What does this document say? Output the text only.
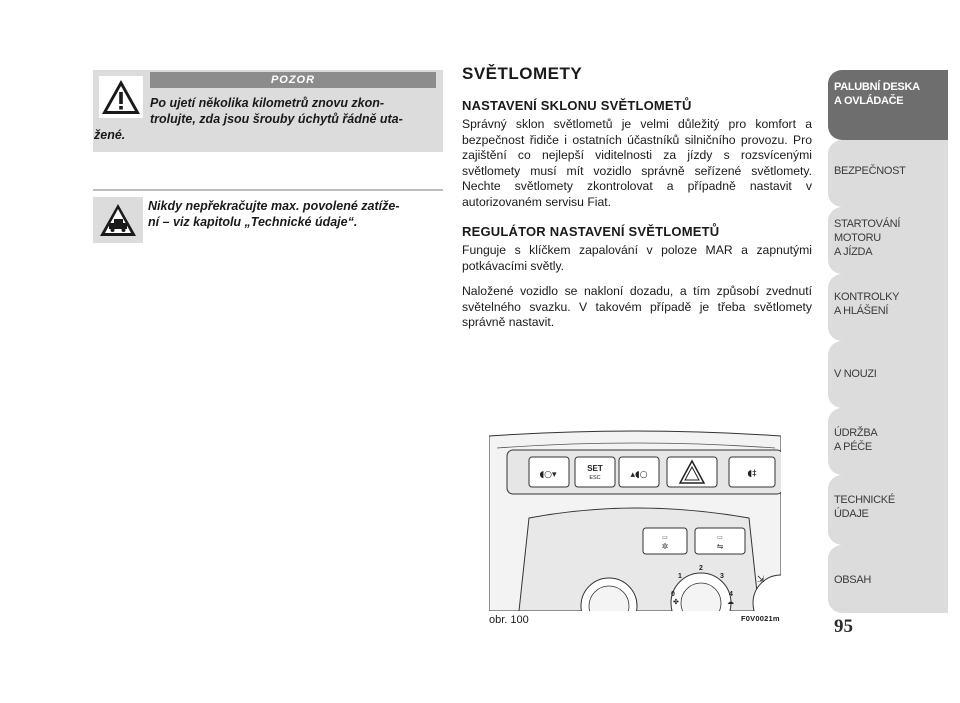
POZOR
Po ujetí několika kilometrů znovu zkon-
trolujte, zda jsou šrouby úchytů řádně uta-
žené.
Nikdy nepřekračujte max. povolené zatíže-
ní – viz kapitolu „Technické údaje“.
SVĚTLOMETY
NASTAVENÍ SKLONU SVĚTLOMETŮ
Správný sklon světlometů je velmi důležitý pro komfort a bezpečnost řidiče i ostatních účastníků silničního provozu. Pro zajištění co nejlepší viditelnosti za jízdy s rozsvícenými světlomety musí mít vozidlo správně seřízené světlomety. Nechte světlomety zkontrolovat a případně nastavit v autorizovaném servisu Fiat.
REGULÁTOR NASTAVENÍ SVĚTLOMETŮ
Funguje s klíčkem zapalování v poloze MAR a zapnutými potkávacími světly.
Naložené vozidlo se nakloní dozadu, a tím způsobí zvednutí světelného svazku. V takovém případě je třeba světlomety správně nastavit.
◖○▾
SET
ESC	▴◖○	◖‡
▭
✲
▭
⇋
0
1
2
3
4
✤	☁
⇲
obr. 100	F0V0021m
PALUBNÍ DESKA
A OVLÁDAČE
BEZPEČNOST
STARTOVÁNÍ
MOTORU
A JÍZDA
KONTROLKY
A HLÁŠENÍ
V NOUZI
ÚDRŽBA
A PÉČE
TECHNICKÉ
ÚDAJE
OBSAH
95
